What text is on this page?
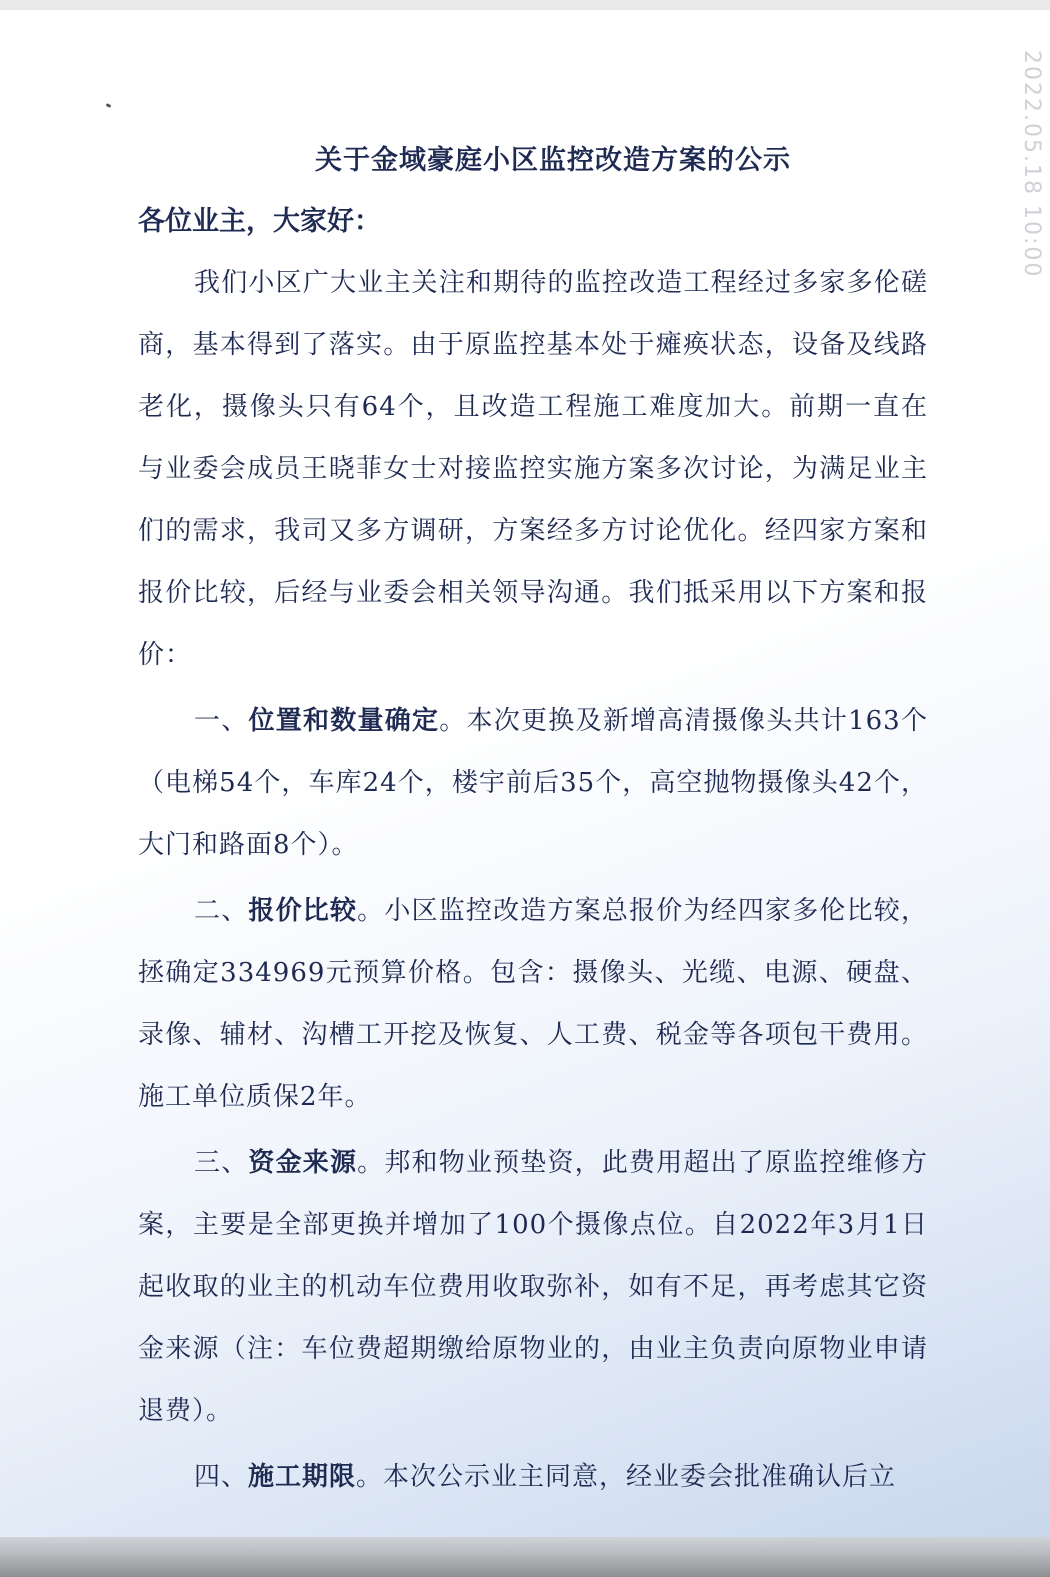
2022.05.18 10:00
关于金域豪庭小区监控改造方案的公示
各位业主，大家好：

我们小区广大业主关注和期待的监控改造工程经过多家多伦磋商，基本得到了落实。由于原监控基本处于瘫痪状态，设备及线路老化，摄像头只有64个，且改造工程施工难度加大。前期一直在与业委会成员王晓菲女士对接监控实施方案多次讨论，为满足业主们的需求，我司又多方调研，方案经多方讨论优化。经四家方案和报价比较，后经与业委会相关领导沟通。我们抵采用以下方案和报价：

一、位置和数量确定。本次更换及新增高清摄像头共计163个（电梯54个，车库24个，楼宇前后35个，高空抛物摄像头42个，大门和路面8个）。

二、报价比较。小区监控改造方案总报价为经四家多伦比较，拯确定334969元预算价格。包含：摄像头、光缆、电源、硬盘、录像、辅材、沟槽工开挖及恢复、人工费、税金等各项包干费用。施工单位质保2年。

三、资金来源。邦和物业预垫资，此费用超出了原监控维修方案，主要是全部更换并增加了100个摄像点位。自2022年3月1日起收取的业主的机动车位费用收取弥补，如有不足，再考虑其它资金来源（注：车位费超期缴给原物业的，由业主负责向原物业申请退费）。

四、施工期限。本次公示业主同意，经业委会批准确认后立
